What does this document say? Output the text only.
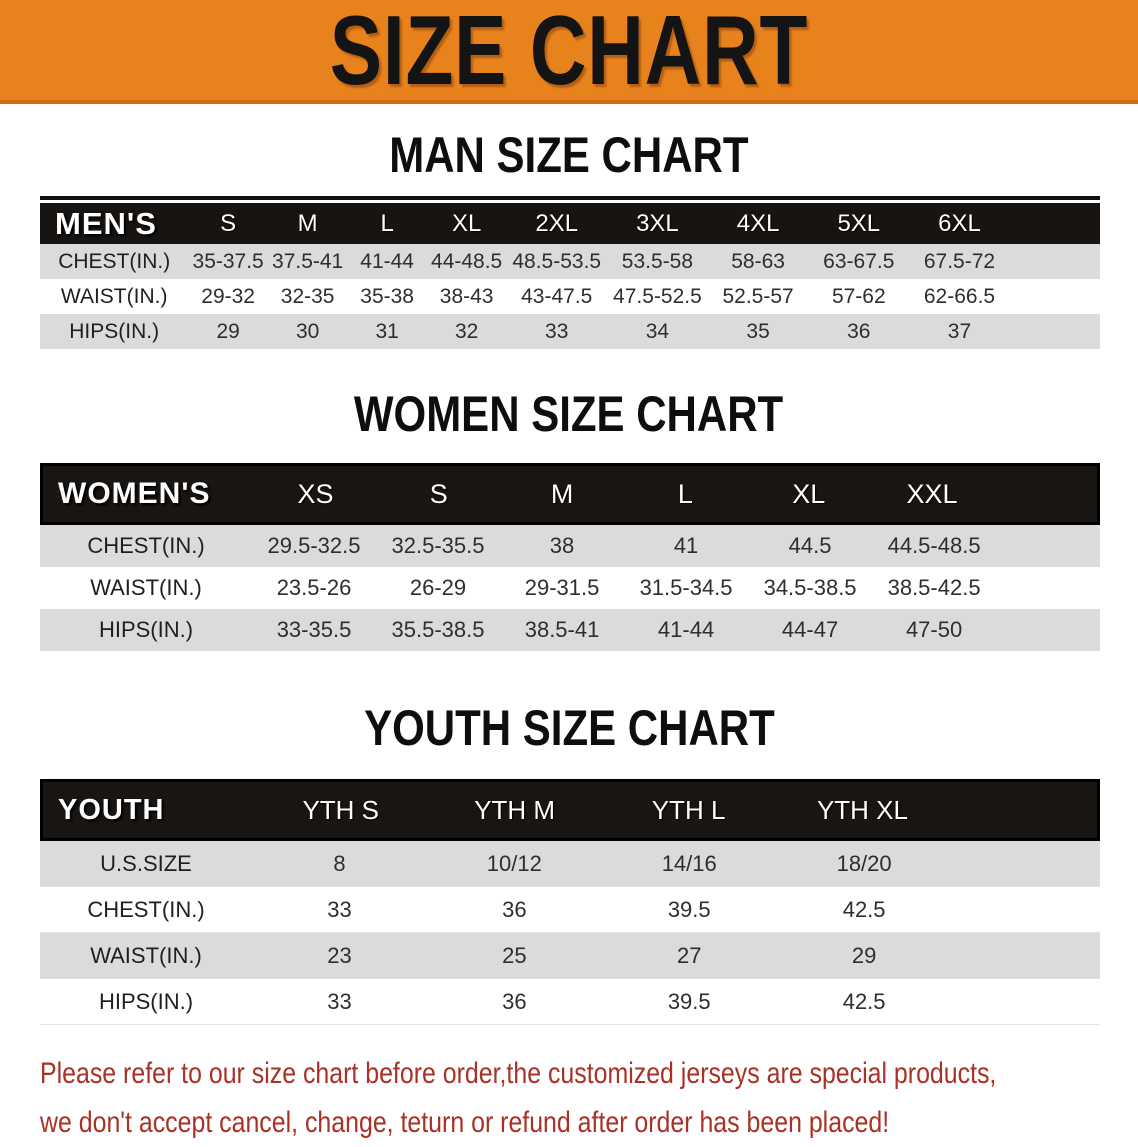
SIZE CHART
MAN SIZE CHART
MEN'S	S	M	L	XL	2XL	3XL	4XL	5XL	6XL
CHEST(IN.)	35-37.5 37.5-41 41-44 44-48.5 48.5-53.5 53.5-58	58-63	63-67.5	67.5-72
WAIST(IN.)	29-32	32-35	35-38	38-43	43-47.5 47.5-52.5 52.5-57	57-62	62-66.5
HIPS(IN.)	29	30	31	32	33	34	35	36	37
WOMEN SIZE CHART
WOMEN'S	XS	S	M	L	XL	XXL
CHEST(IN.)	29.5-32.5	32.5-35.5	38	41	44.5	44.5-48.5
WAIST(IN.)	23.5-26	26-29	29-31.5	31.5-34.5	34.5-38.5	38.5-42.5
HIPS(IN.)	33-35.5	35.5-38.5	38.5-41	41-44	44-47	47-50
YOUTH SIZE CHART
YOUTH	YTH S	YTH M	YTH L	YTH XL
U.S.SIZE	8	10/12	14/16	18/20
CHEST(IN.)	33	36	39.5	42.5
WAIST(IN.)	23	25	27	29
HIPS(IN.)	33	36	39.5	42.5
Please refer to our size chart before order,the customized jerseys are special products,
we don't accept cancel, change, teturn or refund after order has been placed!
